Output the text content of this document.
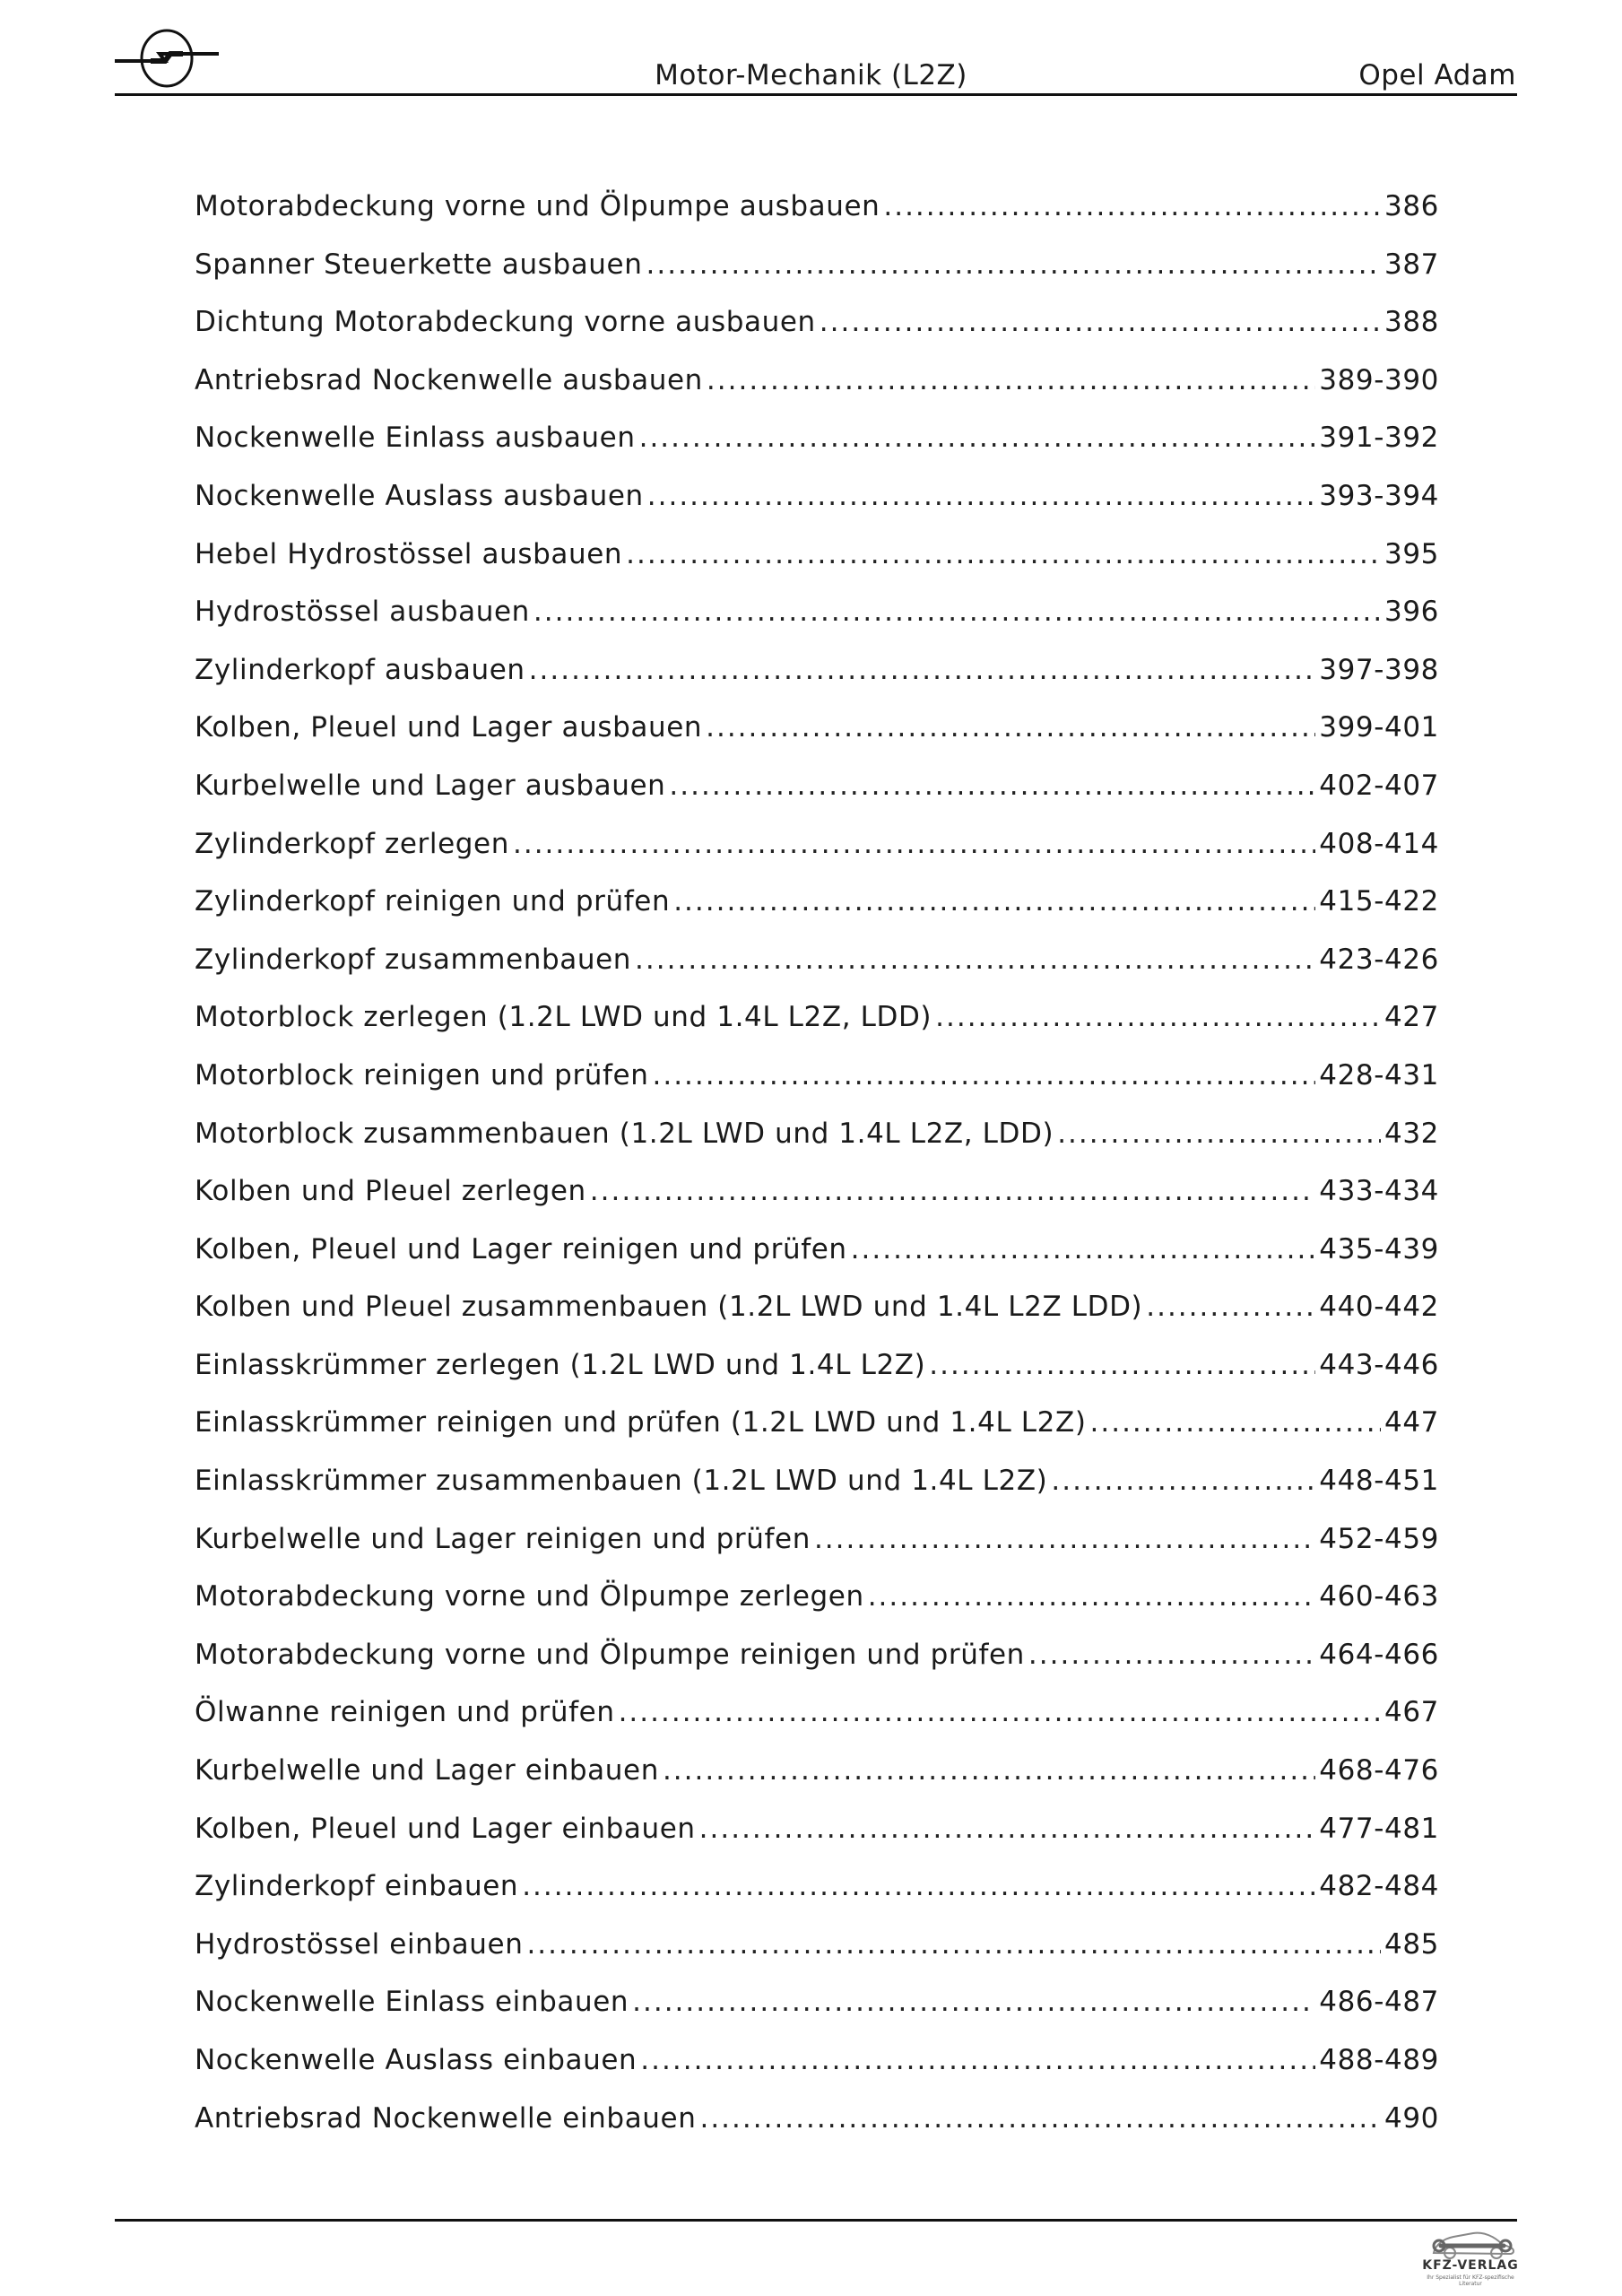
Motor-Mechanik (L2Z)	Opel Adam
Motorabdeckung vorne und Ölpumpe ausbauen .....	386
Spanner Steuerkette ausbauen .....	387
Dichtung Motorabdeckung vorne ausbauen .....	388
Antriebsrad Nockenwelle ausbauen .....	389-390
Nockenwelle Einlass ausbauen .....	391-392
Nockenwelle Auslass ausbauen .....	393-394
Hebel Hydrostössel ausbauen .....	395
Hydrostössel ausbauen .....	396
Zylinderkopf ausbauen .....	397-398
Kolben, Pleuel und Lager ausbauen .....	399-401
Kurbelwelle und Lager ausbauen .....	402-407
Zylinderkopf zerlegen .....	408-414
Zylinderkopf reinigen und prüfen .....	415-422
Zylinderkopf zusammenbauen .....	423-426
Motorblock zerlegen (1.2L LWD und 1.4L L2Z, LDD) .....	427
Motorblock reinigen und prüfen .....	428-431
Motorblock zusammenbauen (1.2L LWD und 1.4L L2Z, LDD) .....	432
Kolben und Pleuel zerlegen .....	433-434
Kolben, Pleuel und Lager reinigen und prüfen .....	435-439
Kolben und Pleuel zusammenbauen (1.2L LWD und 1.4L L2Z LDD) .....	440-442
Einlasskrümmer zerlegen (1.2L LWD und 1.4L L2Z) .....	443-446
Einlasskrümmer reinigen und prüfen (1.2L LWD und 1.4L L2Z) .....	447
Einlasskrümmer zusammenbauen (1.2L LWD und 1.4L L2Z) .....	448-451
Kurbelwelle und Lager reinigen und prüfen .....	452-459
Motorabdeckung vorne und Ölpumpe zerlegen .....	460-463
Motorabdeckung vorne und Ölpumpe reinigen und prüfen .....	464-466
Ölwanne reinigen und prüfen .....	467
Kurbelwelle und Lager einbauen .....	468-476
Kolben, Pleuel und Lager einbauen .....	477-481
Zylinderkopf einbauen .....	482-484
Hydrostössel einbauen .....	485
Nockenwelle Einlass einbauen .....	486-487
Nockenwelle Auslass einbauen .....	488-489
Antriebsrad Nockenwelle einbauen .....	490
KFZ-VERLAG
Ihr Spezialist für KFZ-spezifische Literatur
